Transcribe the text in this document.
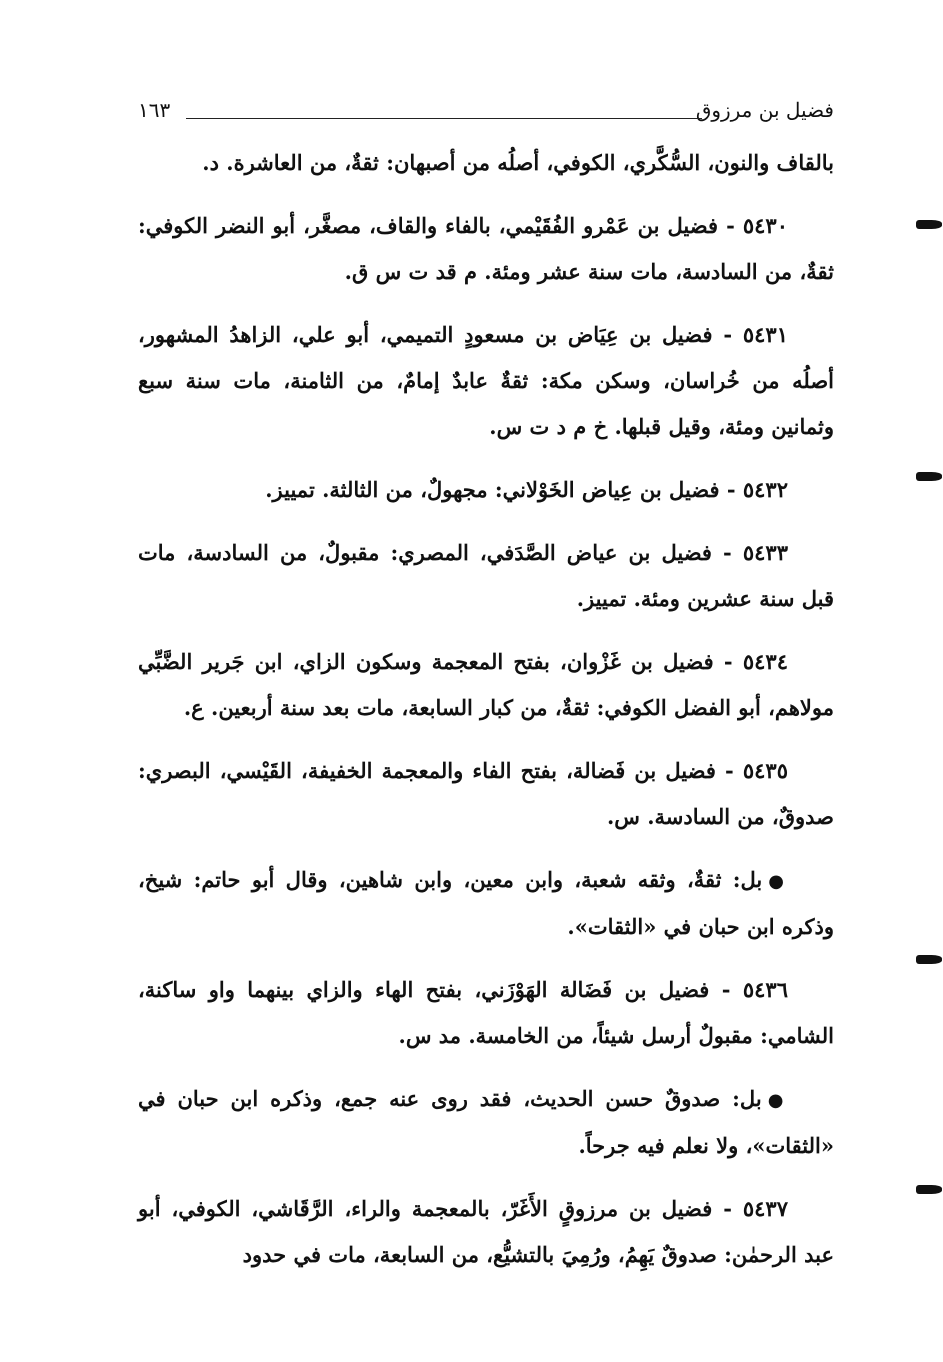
فضيل بن مرزوق
١٦٣

بالقاف والنون، السُّكَّري، الكوفي، أصلُه من أصبهان: ثقةٌ، من العاشرة. د.

٥٤٣٠ - فضيل بن عَمْرو الفُقَيْمي، بالفاء والقاف، مصغَّر، أبو النضر الكوفي: ثقةٌ، من السادسة، مات سنة عشر ومئة. م قد ت س ق.

٥٤٣١ - فضيل بن عِيَاض بن مسعودٍ التميمي، أبو علي، الزاهدُ المشهور، أصلُه من خُراسان، وسكن مكة: ثقةٌ عابدٌ إمامٌ، من الثامنة، مات سنة سبع وثمانين ومئة، وقيل قبلها. خ م د ت س.

٥٤٣٢ - فضيل بن عِياض الخَوْلاني: مجهولٌ، من الثالثة. تمييز.

٥٤٣٣ - فضيل بن عياض الصَّدَفي، المصري: مقبولٌ، من السادسة، مات قبل سنة عشرين ومئة. تمييز.

٥٤٣٤ - فضيل بن غَزْوان، بفتح المعجمة وسكون الزاي، ابن جَرير الضَّبِّي مولاهم، أبو الفضل الكوفي: ثقةٌ، من كبار السابعة، مات بعد سنة أربعين. ع.

٥٤٣٥ - فضيل بن فَضالة، بفتح الفاء والمعجمة الخفيفة، القَيْسي، البصري: صدوقٌ، من السادسة. س.

●بل: ثقةٌ، وثقه شعبة، وابن معين، وابن شاهين، وقال أبو حاتم: شيخ، وذكره ابن حبان في «الثقات».

٥٤٣٦ - فضيل بن فَضَالة الهَوْزَني، بفتح الهاء والزاي بينهما واو ساكنة، الشامي: مقبولٌ أرسل شيئاً، من الخامسة. مد س.

●بل: صدوقٌ حسن الحديث، فقد روى عنه جمع، وذكره ابن حبان في «الثقات»، ولا نعلم فيه جرحاً.

٥٤٣٧ - فضيل بن مرزوقٍ الأَغَرّ، بالمعجمة والراء، الرَّقَاشي، الكوفي، أبو عبد الرحمٰن: صدوقٌ يَهِمُ، ورُمِيَ بالتشيُّع، من السابعة، مات في حدود
